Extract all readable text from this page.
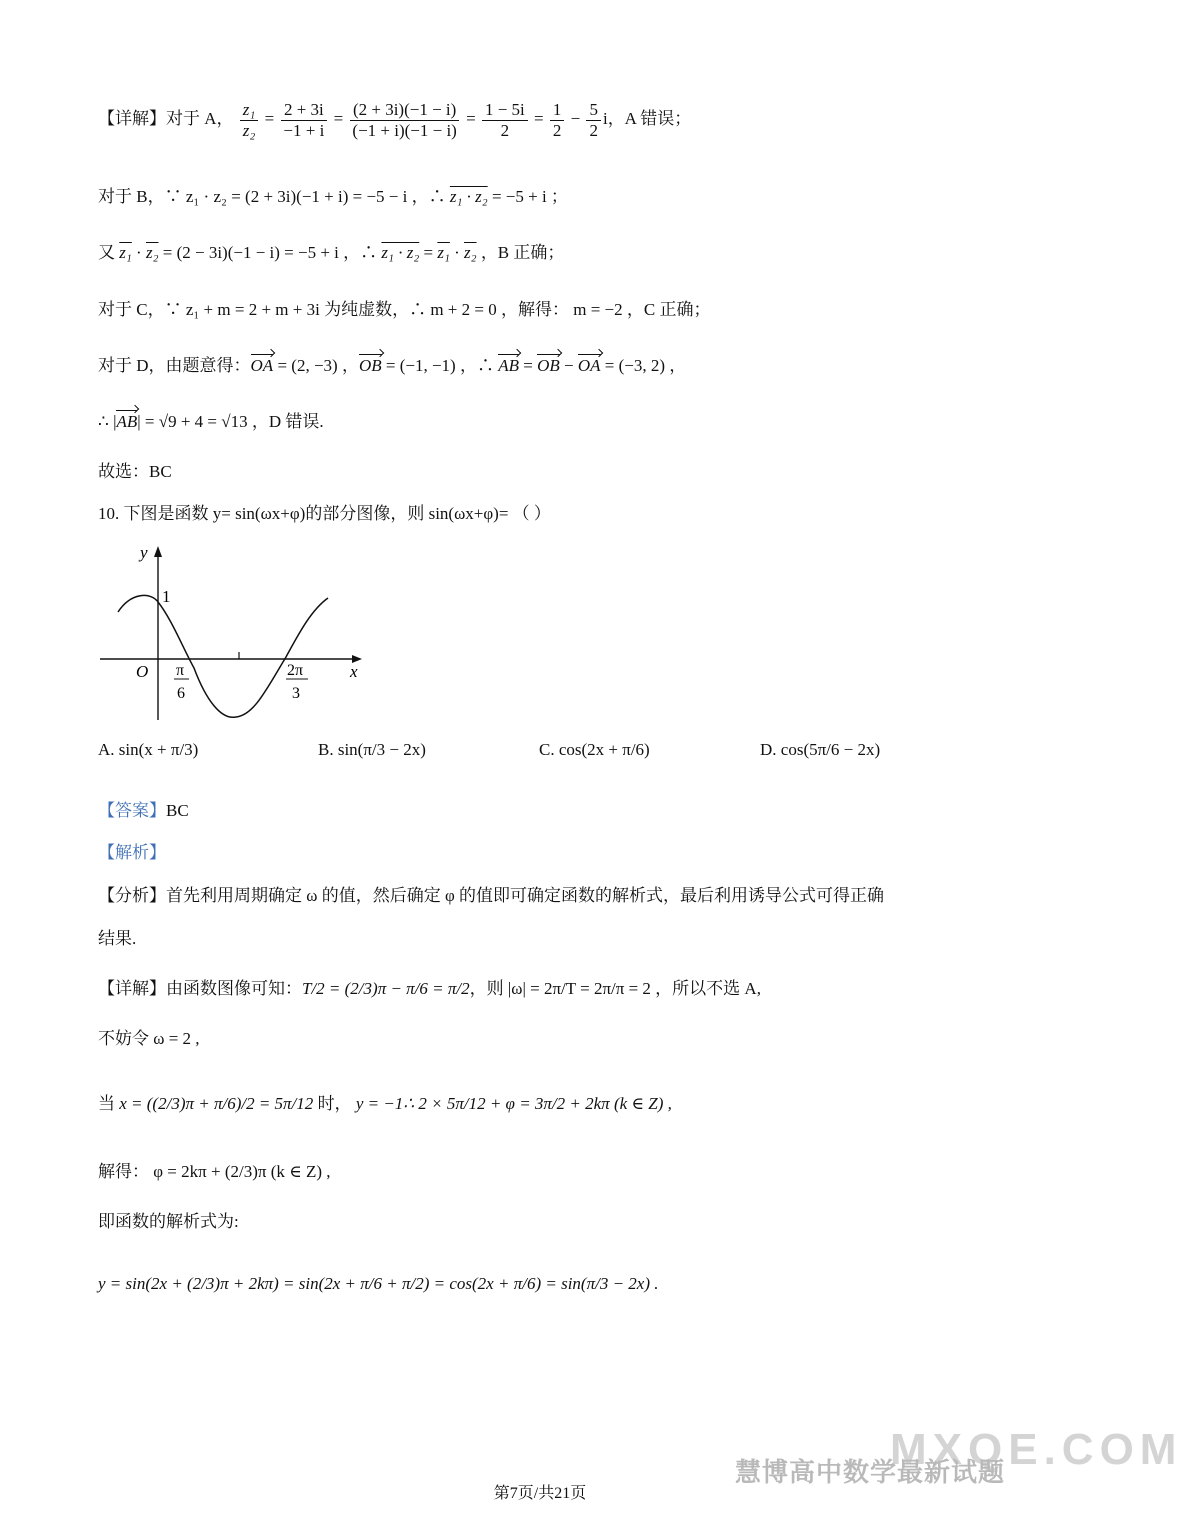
【详解】对于 A， $\frac{\text{z₁}}{\text{z₂}} = \frac{2 + 3i}{-1 + i} = \frac{(2 + 3i)(-1 - i)}{(-1 + i)(-1 - i)} = \frac{1 - 5i}{2} = \frac{1}{2} - \frac{5}{2}$ i，A 错误；
对于 B，∵ z₁ · z₂ = (2 + 3i)(−1 + i) = −5 − i ，∴ z₁ · z₂ = −5 + i ；
又 z₁ · z₂ = (2 − 3i)(−1 − i) = −5 + i ，∴ z₁ · z₂ = z₁ · z₂ ，B 正确；
对于 C，∵ z₁ + m = 2 + m + 3i 为纯虚数，∴ m + 2 = 0 ，解得： m = −2 ，C 正确；
对于 D，由题意得：OA = (2, −3) ，OB = (−1, −1) ，∴ AB = OB − OA = (−3, 2) ，
∴ |AB| = √9 + 4 = √13 ，D 错误.
故选：BC
10. 下图是函数 y= sin(ωx+φ)的部分图像，则 sin(ωx+φ)= （ ）
y
x
O
1
π
6
2π
3
A. sin(x + π/3)	B. sin(π/3 − 2x)	C. cos(2x + π/6)	D. cos(5π/6 − 2x)
【答案】BC
【解析】
【分析】首先利用周期确定 ω 的值，然后确定 φ 的值即可确定函数的解析式，最后利用诱导公式可得正确
结果.
【详解】由函数图像可知：T/2 = (2/3)π − π/6 = π/2，则 |ω| = 2π/T = 2π/π = 2 ，所以不选 A,
不妨令 ω = 2 ,
当 x = ((2/3)π + π/6)/2 = 5π/12 时， y = −1∴ 2 × 5π/12 + φ = 3π/2 + 2kπ (k ∈ Z) ,
解得： φ = 2kπ + (2/3)π (k ∈ Z) ,
即函数的解析式为:
y = sin(2x + (2/3)π + 2kπ) = sin(2x + π/6 + π/2) = cos(2x + π/6) = sin(π/3 − 2x) .
MXQE.COM
慧博高中数学最新试题
第7页/共21页
